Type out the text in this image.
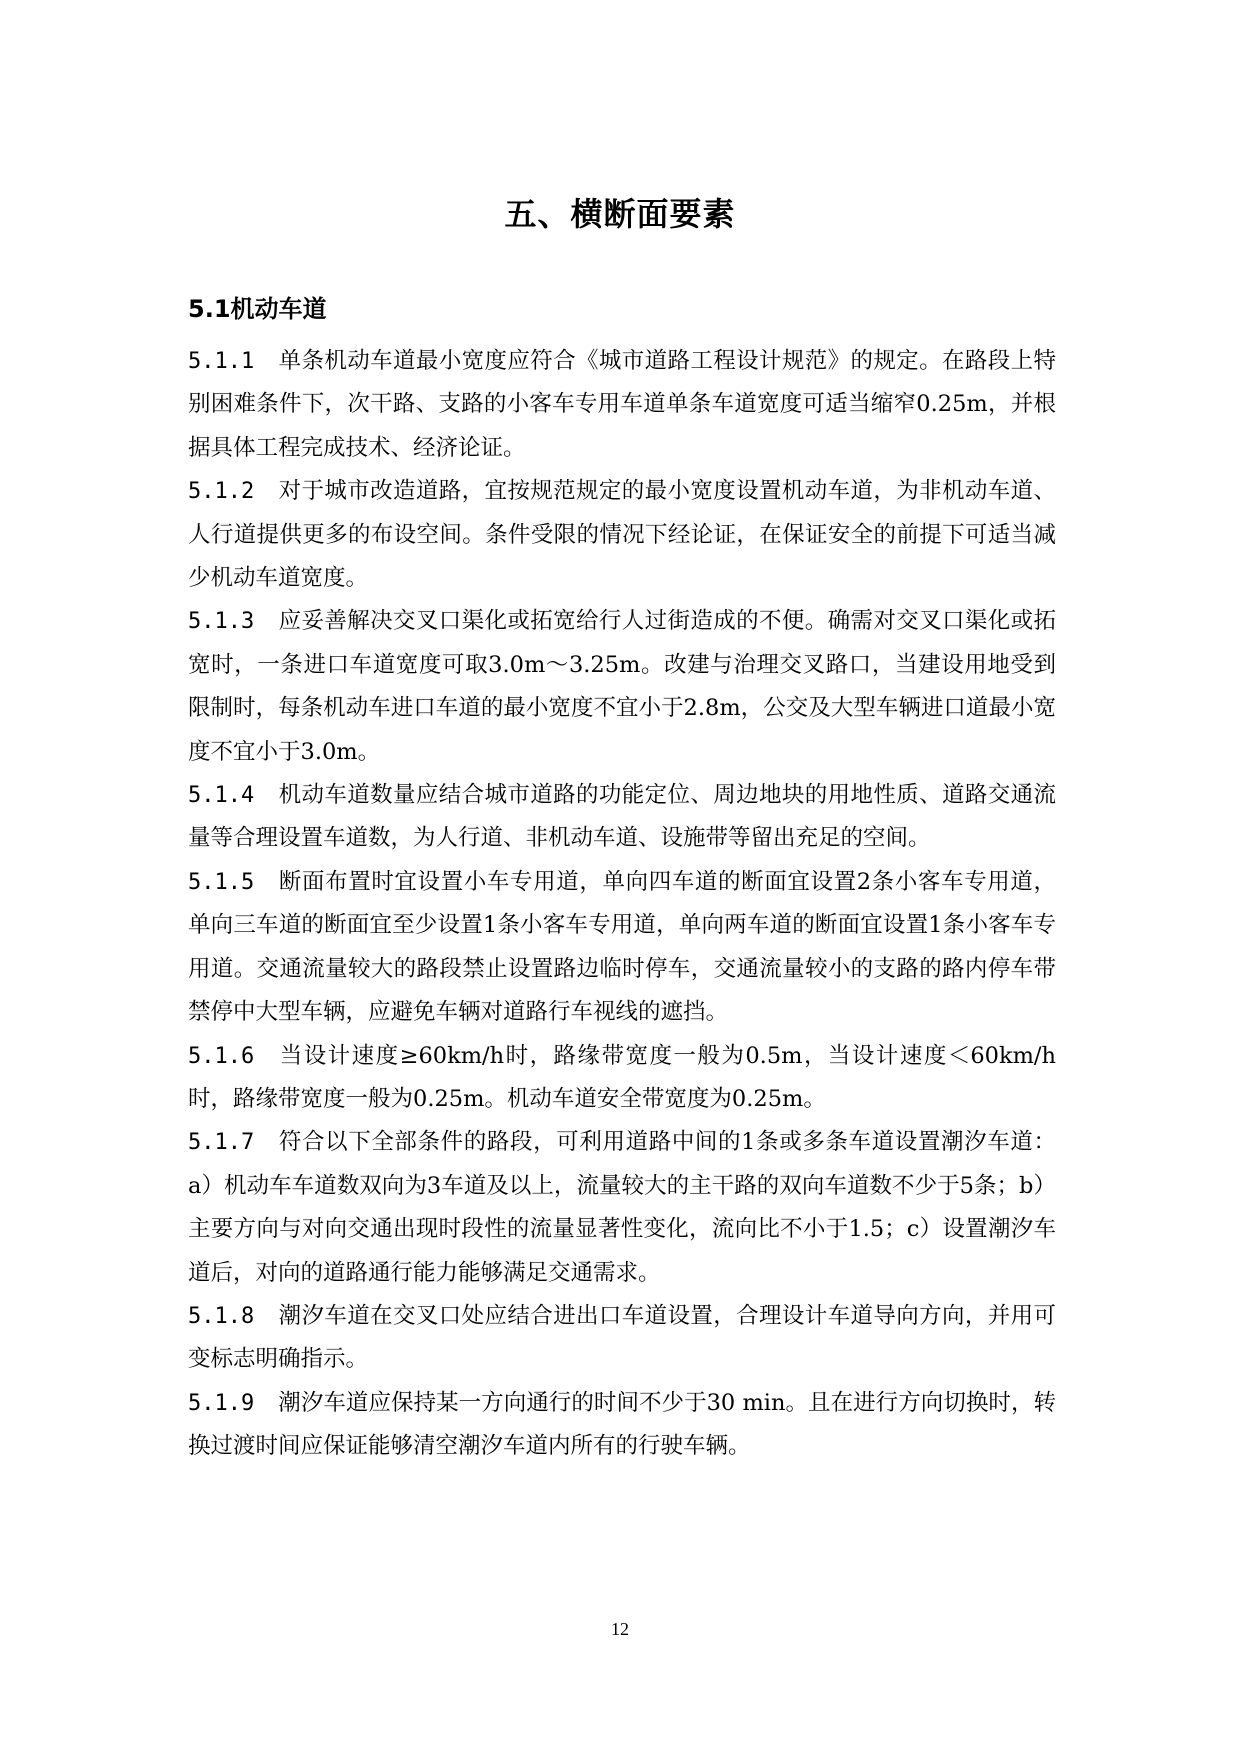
五、横断面要素
5.1机动车道

5.1.1 单条机动车道最小宽度应符合《城市道路工程设计规范》的规定。在路段上特别困难条件下，次干路、支路的小客车专用车道单条车道宽度可适当缩窄0.25m，并根据具体工程完成技术、经济论证。

5.1.2 对于城市改造道路，宜按规范规定的最小宽度设置机动车道，为非机动车道、人行道提供更多的布设空间。条件受限的情况下经论证，在保证安全的前提下可适当减少机动车道宽度。

5.1.3 应妥善解决交叉口渠化或拓宽给行人过街造成的不便。确需对交叉口渠化或拓宽时，一条进口车道宽度可取3.0m～3.25m。改建与治理交叉路口，当建设用地受到限制时，每条机动车进口车道的最小宽度不宜小于2.8m，公交及大型车辆进口道最小宽度不宜小于3.0m。

5.1.4 机动车道数量应结合城市道路的功能定位、周边地块的用地性质、道路交通流量等合理设置车道数，为人行道、非机动车道、设施带等留出充足的空间。

5.1.5 断面布置时宜设置小车专用道，单向四车道的断面宜设置2条小客车专用道，单向三车道的断面宜至少设置1条小客车专用道，单向两车道的断面宜设置1条小客车专用道。交通流量较大的路段禁止设置路边临时停车，交通流量较小的支路的路内停车带禁停中大型车辆，应避免车辆对道路行车视线的遮挡。

5.1.6 当设计速度≥60km/h时，路缘带宽度一般为0.5m，当设计速度＜60km/h时，路缘带宽度一般为0.25m。机动车道安全带宽度为0.25m。

5.1.7 符合以下全部条件的路段，可利用道路中间的1条或多条车道设置潮汐车道：a）机动车车道数双向为3车道及以上，流量较大的主干路的双向车道数不少于5条；b）主要方向与对向交通出现时段性的流量显著性变化，流向比不小于1.5；c）设置潮汐车道后，对向的道路通行能力能够满足交通需求。

5.1.8 潮汐车道在交叉口处应结合进出口车道设置，合理设计车道导向方向，并用可变标志明确指示。

5.1.9 潮汐车道应保持某一方向通行的时间不少于30 min。且在进行方向切换时，转换过渡时间应保证能够清空潮汐车道内所有的行驶车辆。

12
